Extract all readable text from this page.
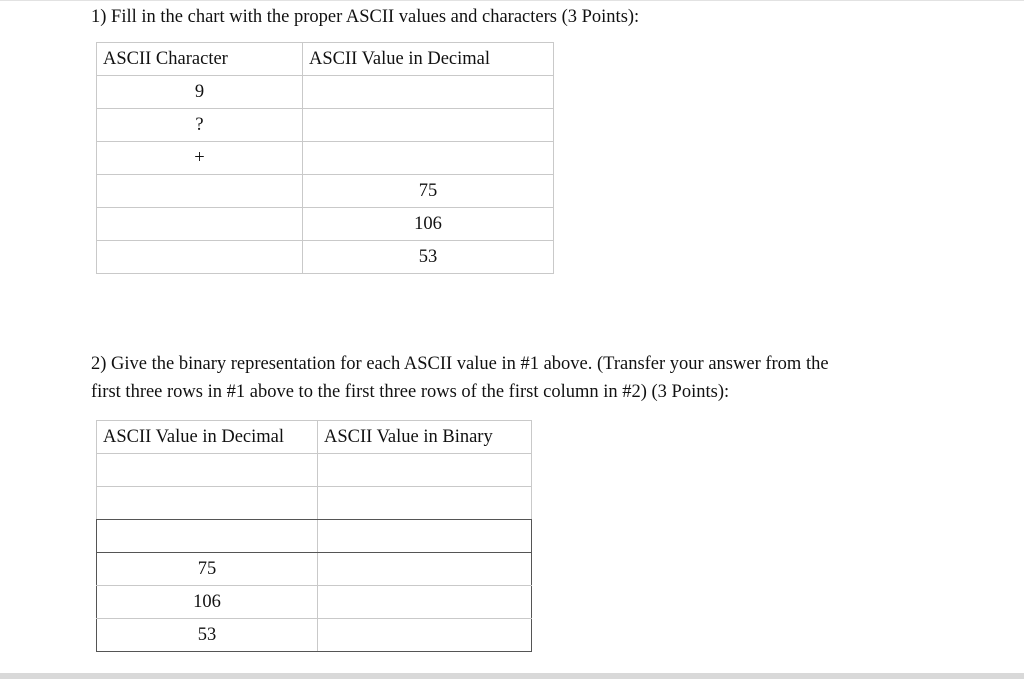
1) Fill in the chart with the proper ASCII values and characters (3 Points):

ASCII Character	ASCII Value in Decimal
9	
?	
+	
	75
	106
	53

2) Give the binary representation for each ASCII value in #1 above. (Transfer your answer from the

first three rows in #1 above to the first three rows of the first column in #2) (3 Points):

ASCII Value in Decimal	ASCII Value in Binary

75	
106	
53	
